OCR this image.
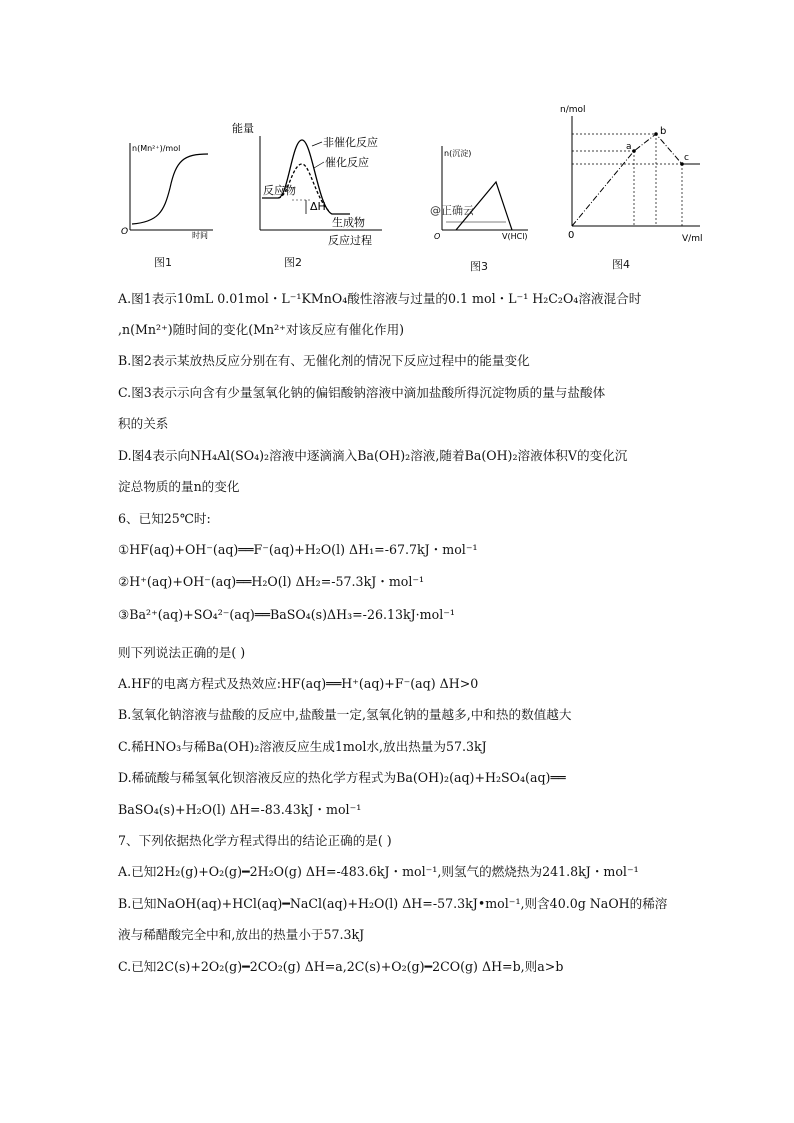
n(Mn²⁺)/mol
时间
O
图1
能量
反应过程
非催化反应
催化反应
反应物
ΔH
生成物
图2
n(沉淀)
V(HCl)
O
@正确云
图3
a
b
c
n/mol
V/ml
0
图4
A.图1表示10mL 0.01mol・L⁻¹KMnO₄酸性溶液与过量的0.1 mol・L⁻¹ H₂C₂O₄溶液混合时
,n(Mn²⁺)随时间的变化(Mn²⁺对该反应有催化作用)
B.图2表示某放热反应分别在有、无催化剂的情况下反应过程中的能量变化
C.图3表示示向含有少量氢氧化钠的偏铝酸钠溶液中滴加盐酸所得沉淀物质的量与盐酸体
积的关系
D.图4表示向NH₄Al(SO₄)₂溶液中逐滴滴入Ba(OH)₂溶液,随着Ba(OH)₂溶液体积V的变化沉
淀总物质的量n的变化
6、已知25℃时:
①HF(aq)+OH⁻(aq)══F⁻(aq)+H₂O(l) ΔH₁=-67.7kJ・mol⁻¹
②H⁺(aq)+OH⁻(aq)══H₂O(l) ΔH₂=-57.3kJ・mol⁻¹
③Ba²⁺(aq)+SO₄²⁻(aq)══BaSO₄(s)ΔH₃=-26.13kJ·mol⁻¹
则下列说法正确的是( )
A.HF的电离方程式及热效应:HF(aq)══H⁺(aq)+F⁻(aq) ΔH>0
B.氢氧化钠溶液与盐酸的反应中,盐酸量一定,氢氧化钠的量越多,中和热的数值越大
C.稀HNO₃与稀Ba(OH)₂溶液反应生成1mol水,放出热量为57.3kJ
D.稀硫酸与稀氢氧化钡溶液反应的热化学方程式为Ba(OH)₂(aq)+H₂SO₄(aq)══
BaSO₄(s)+H₂O(l) ΔH=-83.43kJ・mol⁻¹
7、下列依据热化学方程式得出的结论正确的是( )
A.已知2H₂(g)+O₂(g)━2H₂O(g) ΔH=-483.6kJ・mol⁻¹,则氢气的燃烧热为241.8kJ・mol⁻¹
B.已知NaOH(aq)+HCl(aq)━NaCl(aq)+H₂O(l) ΔH=-57.3kJ•mol⁻¹,则含40.0g NaOH的稀溶
液与稀醋酸完全中和,放出的热量小于57.3kJ
C.已知2C(s)+2O₂(g)━2CO₂(g) ΔH=a,2C(s)+O₂(g)━2CO(g) ΔH=b,则a>b
